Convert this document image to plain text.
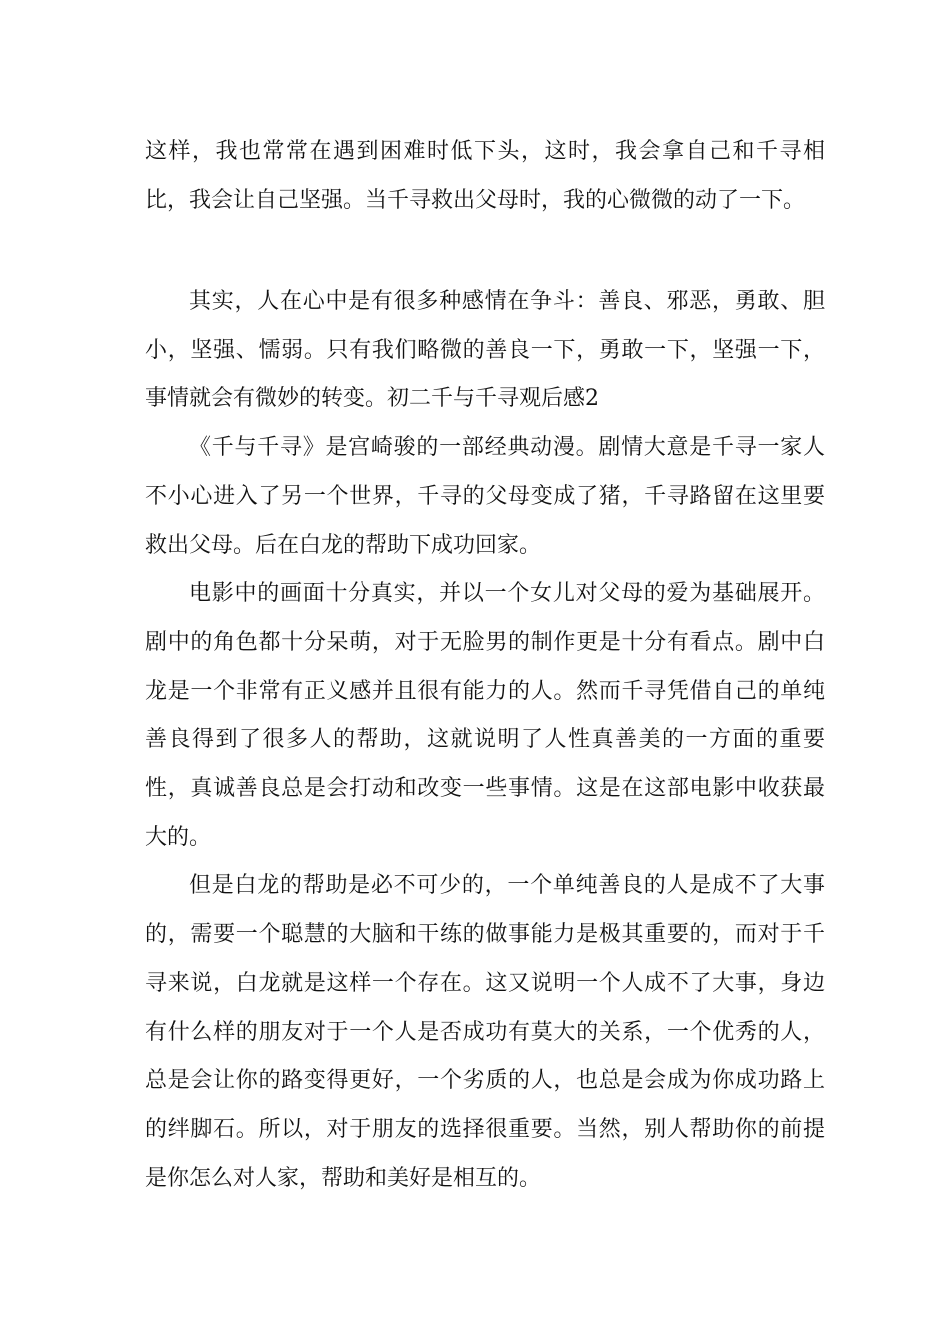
这样，我也常常在遇到困难时低下头，这时，我会拿自己和千寻相比，我会让自己坚强。当千寻救出父母时，我的心微微的动了一下。

其实，人在心中是有很多种感情在争斗：善良、邪恶，勇敢、胆小，坚强、懦弱。只有我们略微的善良一下，勇敢一下，坚强一下，事情就会有微妙的转变。初二千与千寻观后感2

《千与千寻》是宫崎骏的一部经典动漫。剧情大意是千寻一家人不小心进入了另一个世界，千寻的父母变成了猪，千寻路留在这里要救出父母。后在白龙的帮助下成功回家。

电影中的画面十分真实，并以一个女儿对父母的爱为基础展开。剧中的角色都十分呆萌，对于无脸男的制作更是十分有看点。剧中白龙是一个非常有正义感并且很有能力的人。然而千寻凭借自己的单纯善良得到了很多人的帮助，这就说明了人性真善美的一方面的重要性，真诚善良总是会打动和改变一些事情。这是在这部电影中收获最大的。

但是白龙的帮助是必不可少的，一个单纯善良的人是成不了大事的，需要一个聪慧的大脑和干练的做事能力是极其重要的，而对于千寻来说，白龙就是这样一个存在。这又说明一个人成不了大事，身边有什么样的朋友对于一个人是否成功有莫大的关系，一个优秀的人，总是会让你的路变得更好，一个劣质的人，也总是会成为你成功路上的绊脚石。所以，对于朋友的选择很重要。当然，别人帮助你的前提是你怎么对人家，帮助和美好是相互的。
